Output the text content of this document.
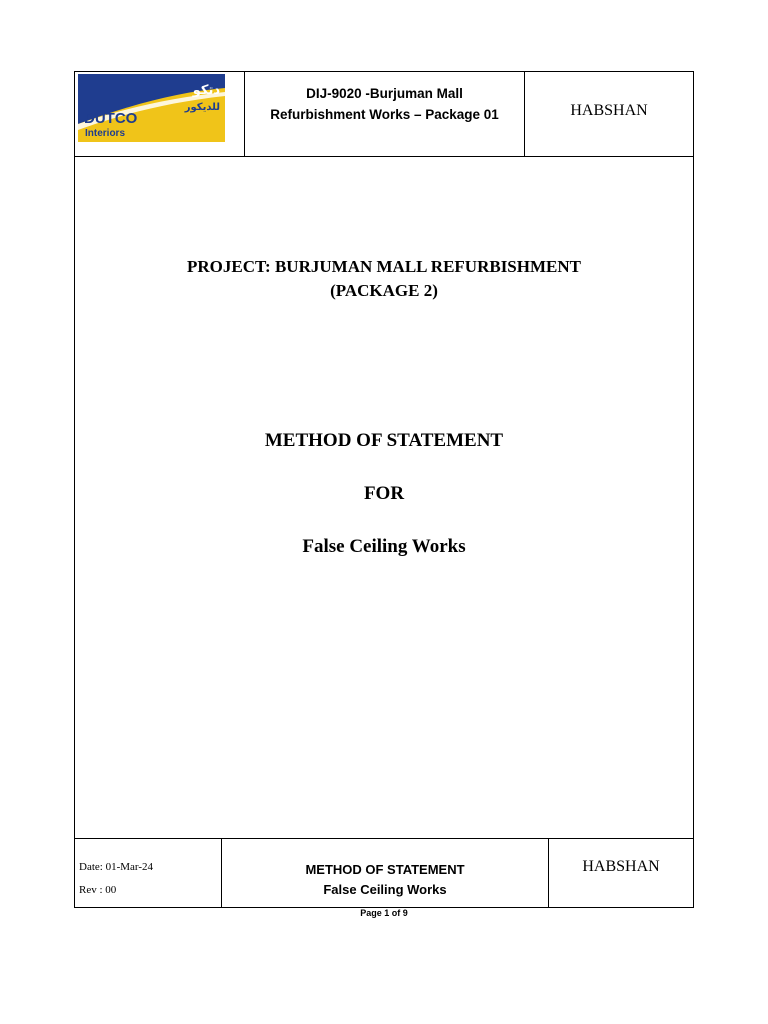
DUTCO
Interiors
دتكو
للديكور
DIJ-9020 -Burjuman Mall
Refurbishment Works – Package 01	HABSHAN
PROJECT: BURJUMAN MALL REFURBISHMENT
(PACKAGE 2)
METHOD OF STATEMENT
FOR
False Ceiling Works
Date: 01-Mar-24
Rev : 00
METHOD OF STATEMENT
False Ceiling Works
HABSHAN
Page 1 of 9
